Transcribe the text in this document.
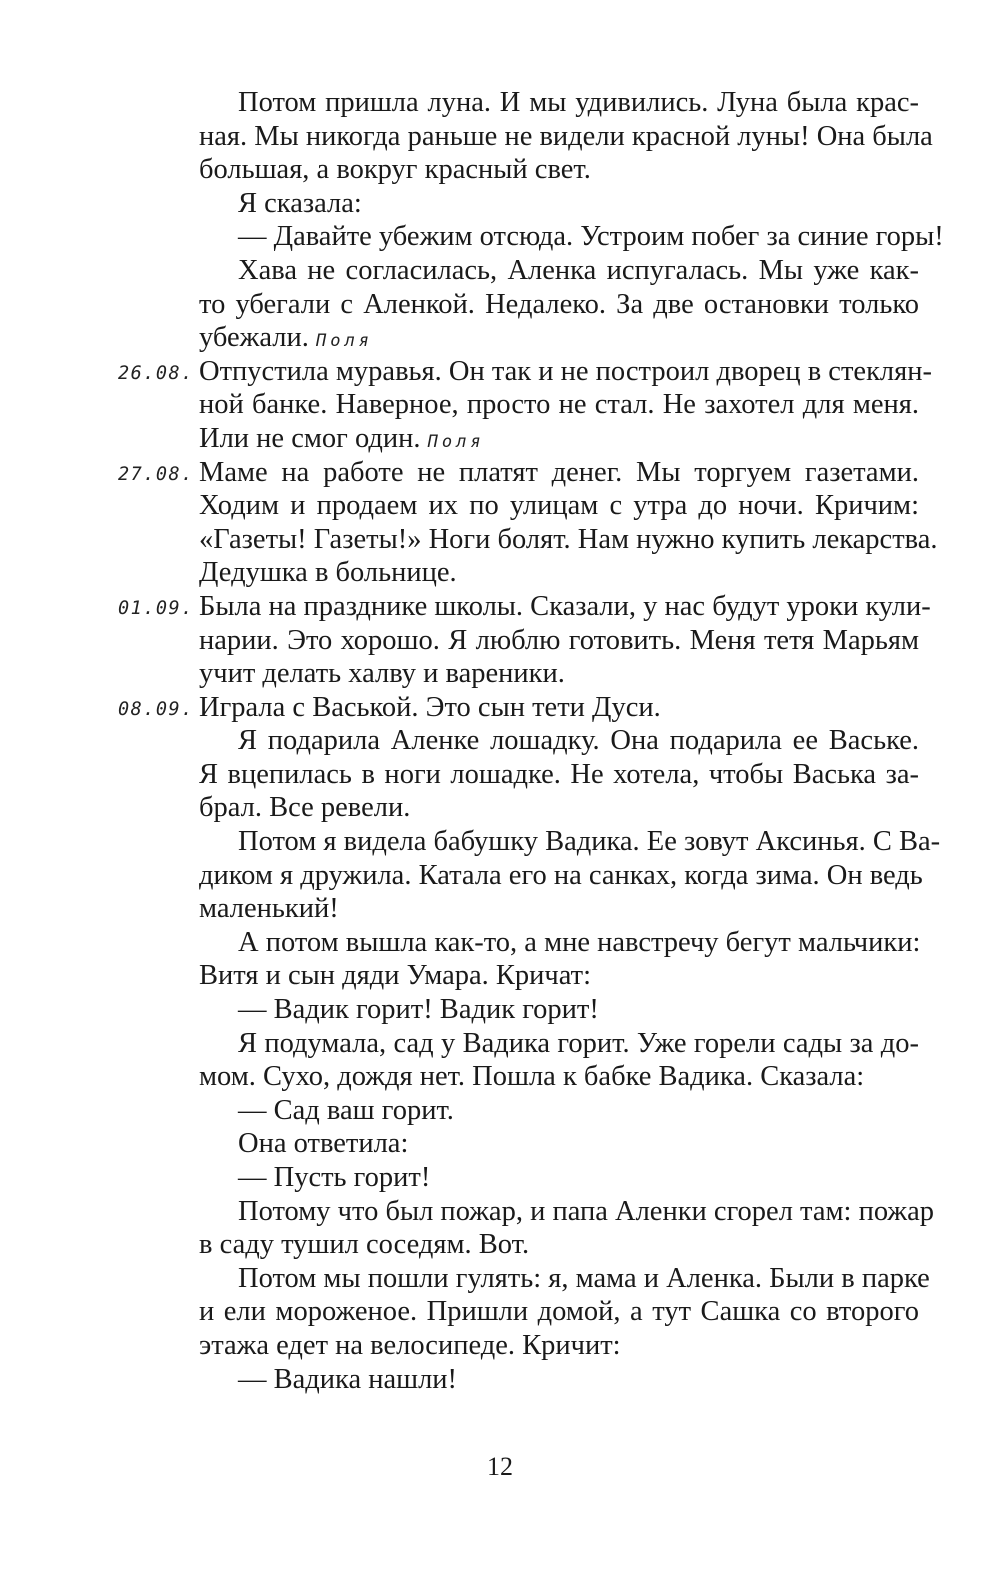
Потом пришла луна. И мы удивились. Луна была крас-
ная. Мы никогда раньше не видели красной луны! Она была
большая, а вокруг красный свет.
Я сказала:
— Давайте убежим отсюда. Устроим побег за синие горы!
Хава не согласилась, Аленка испугалась. Мы уже как-
то убегали с Аленкой. Недалеко. За две остановки только
убежали. Поля
26.08. Отпустила муравья. Он так и не построил дворец в стеклян-
ной банке. Наверное, просто не стал. Не захотел для меня.
Или не смог один. Поля
27.08. Маме на работе не платят денег. Мы торгуем газетами.
Ходим и продаем их по улицам с утра до ночи. Кричим:
«Газеты! Газеты!» Ноги болят. Нам нужно купить лекарства.
Дедушка в больнице.
01.09. Была на празднике школы. Сказали, у нас будут уроки кули-
нарии. Это хорошо. Я люблю готовить. Меня тетя Марьям
учит делать халву и вареники.
08.09. Играла с Васькой. Это сын тети Дуси.
Я подарила Аленке лошадку. Она подарила ее Ваське.
Я вцепилась в ноги лошадке. Не хотела, чтобы Васька за-
брал. Все ревели.
Потом я видела бабушку Вадика. Ее зовут Аксинья. С Ва-
диком я дружила. Катала его на санках, когда зима. Он ведь
маленький!
А потом вышла как-то, а мне навстречу бегут мальчики:
Витя и сын дяди Умара. Кричат:
— Вадик горит! Вадик горит!
Я подумала, сад у Вадика горит. Уже горели сады за до-
мом. Сухо, дождя нет. Пошла к бабке Вадика. Сказала:
— Сад ваш горит.
Она ответила:
— Пусть горит!
Потому что был пожар, и папа Аленки сгорел там: пожар
в саду тушил соседям. Вот.
Потом мы пошли гулять: я, мама и Аленка. Были в парке
и ели мороженое. Пришли домой, а тут Сашка со второго
этажа едет на велосипеде. Кричит:
— Вадика нашли!
12
